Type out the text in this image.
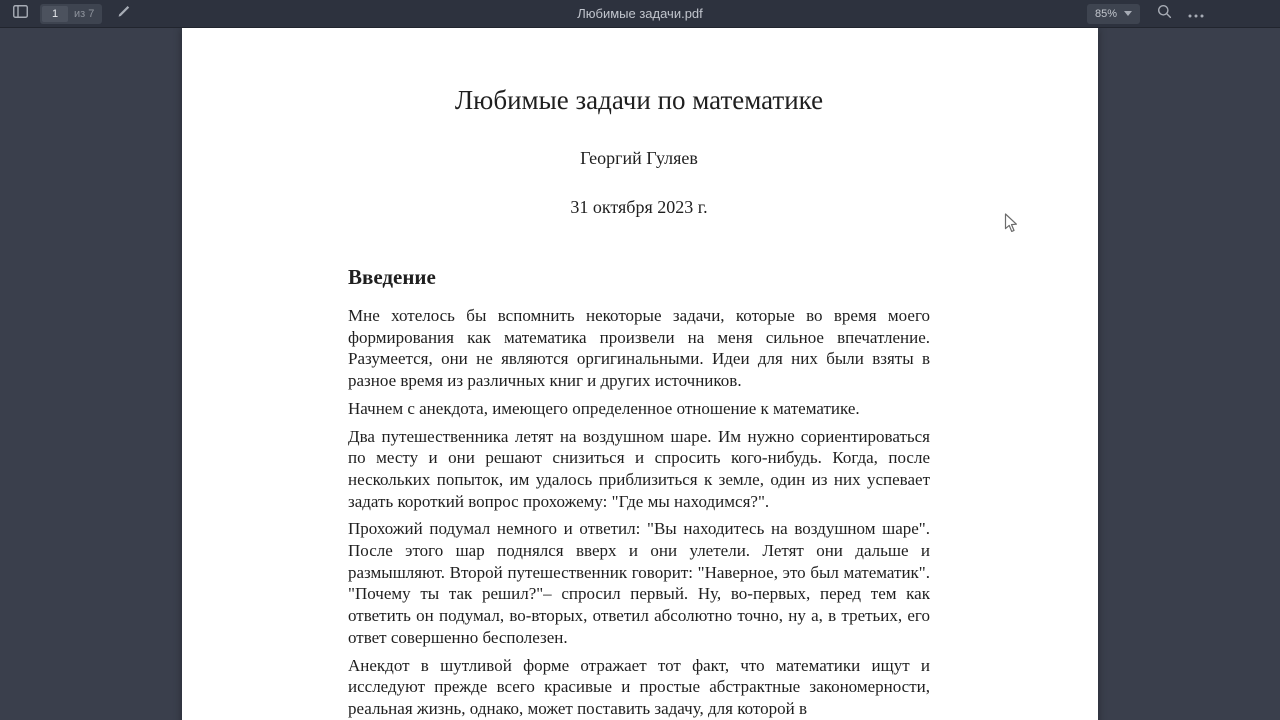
1
из 7	Любимые задачи.pdf	85%
Любимые задачи по математике
Георгий Гуляев
31 октября 2023 г.
Введение

Мне хотелось бы вспомнить некоторые задачи, которые во время моего формирования как математика произвели на меня сильное впечатление. Разумеется, они не являются оргигинальными. Идеи для них были взяты в разное время из различных книг и других источников.

Начнем с анекдота, имеющего определенное отношение к математике.

Два путешественника летят на воздушном шаре. Им нужно сориентироваться по месту и они решают снизиться и спросить кого-нибудь. Когда, после нескольких попыток, им удалось приблизиться к земле, один из них успевает задать короткий вопрос прохожему: "Где мы находимся?".

Прохожий подумал немного и ответил: "Вы находитесь на воздушном шаре". После этого шар поднялся вверх и они улетели. Летят они дальше и размышляют. Второй путешественник говорит: "Наверное, это был математик". "Почему ты так решил?"– спросил первый. Ну, во-первых, перед тем как ответить он подумал, во-вторых, ответил абсолютно точно, ну а, в третьих, его ответ совершенно бесполезен.

Анекдот в шутливой форме отражает тот факт, что математики ищут и исследуют прежде всего красивые и простые абстрактные закономерности, реальная жизнь, однако, может поставить задачу, для которой в
